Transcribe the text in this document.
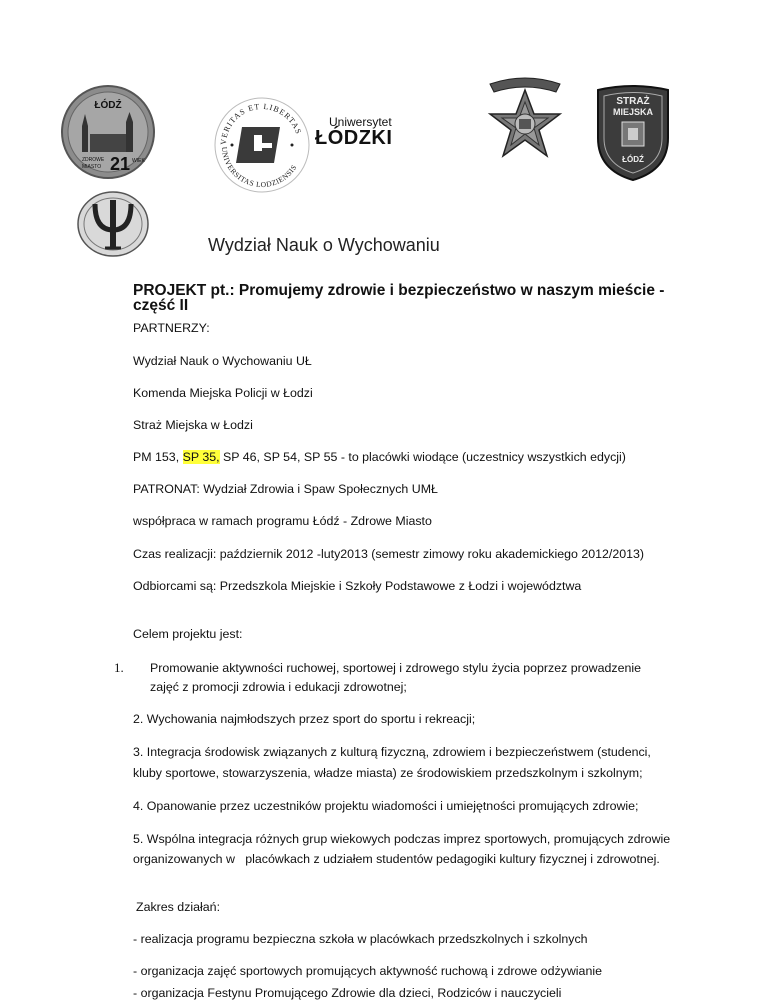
ŁÓDŹ
ZDROWE
MIASTO 21 WIEK
VERITAS ET LIBERTAS
UNIVERSITAS LODZIENSIS
Uniwersytet
ŁÓDZKI
STRAŻ
MIEJSKA
ŁÓDŹ
Wydział Nauk o Wychowaniu
PROJEKT pt.: Promujemy zdrowie i bezpieczeństwo w naszym mieście - część II
PARTNERZY:
Wydział Nauk o Wychowaniu UŁ
Komenda Miejska Policji w Łodzi
Straż Miejska w Łodzi
PM 153, SP 35, SP 46, SP 54, SP 55 - to placówki wiodące (uczestnicy wszystkich edycji)
PATRONAT: Wydział Zdrowia i Spaw Społecznych UMŁ
współpraca w ramach programu Łódź - Zdrowe Miasto
Czas realizacji: październik 2012 -luty2013 (semestr zimowy roku akademickiego 2012/2013)
Odbiorcami są: Przedszkola Miejskie i Szkoły Podstawowe z Łodzi i województwa
Celem projektu jest:
1. Promowanie aktywności ruchowej, sportowej i zdrowego stylu życia poprzez prowadzenie
zajęć z promocji zdrowia i edukacji zdrowotnej;
2. Wychowania najmłodszych przez sport do sportu i rekreacji;
3. Integracja środowisk związanych z kulturą fizyczną, zdrowiem i bezpieczeństwem (studenci,
kluby sportowe, stowarzyszenia, władze miasta) ze środowiskiem przedszkolnym i szkolnym;
4. Opanowanie przez uczestników projektu wiadomości i umiejętności promujących zdrowie;
5. Wspólna integracja różnych grup wiekowych podczas imprez sportowych, promujących zdrowie
organizowanych w   placówkach z udziałem studentów pedagogiki kultury fizycznej i zdrowotnej.
Zakres działań:
- realizacja programu bezpieczna szkoła w placówkach przedszkolnych i szkolnych
- organizacja zajęć sportowych promujących aktywność ruchową i zdrowe odżywianie
- organizacja Festynu Promującego Zdrowie dla dzieci, Rodziców i nauczycieli
